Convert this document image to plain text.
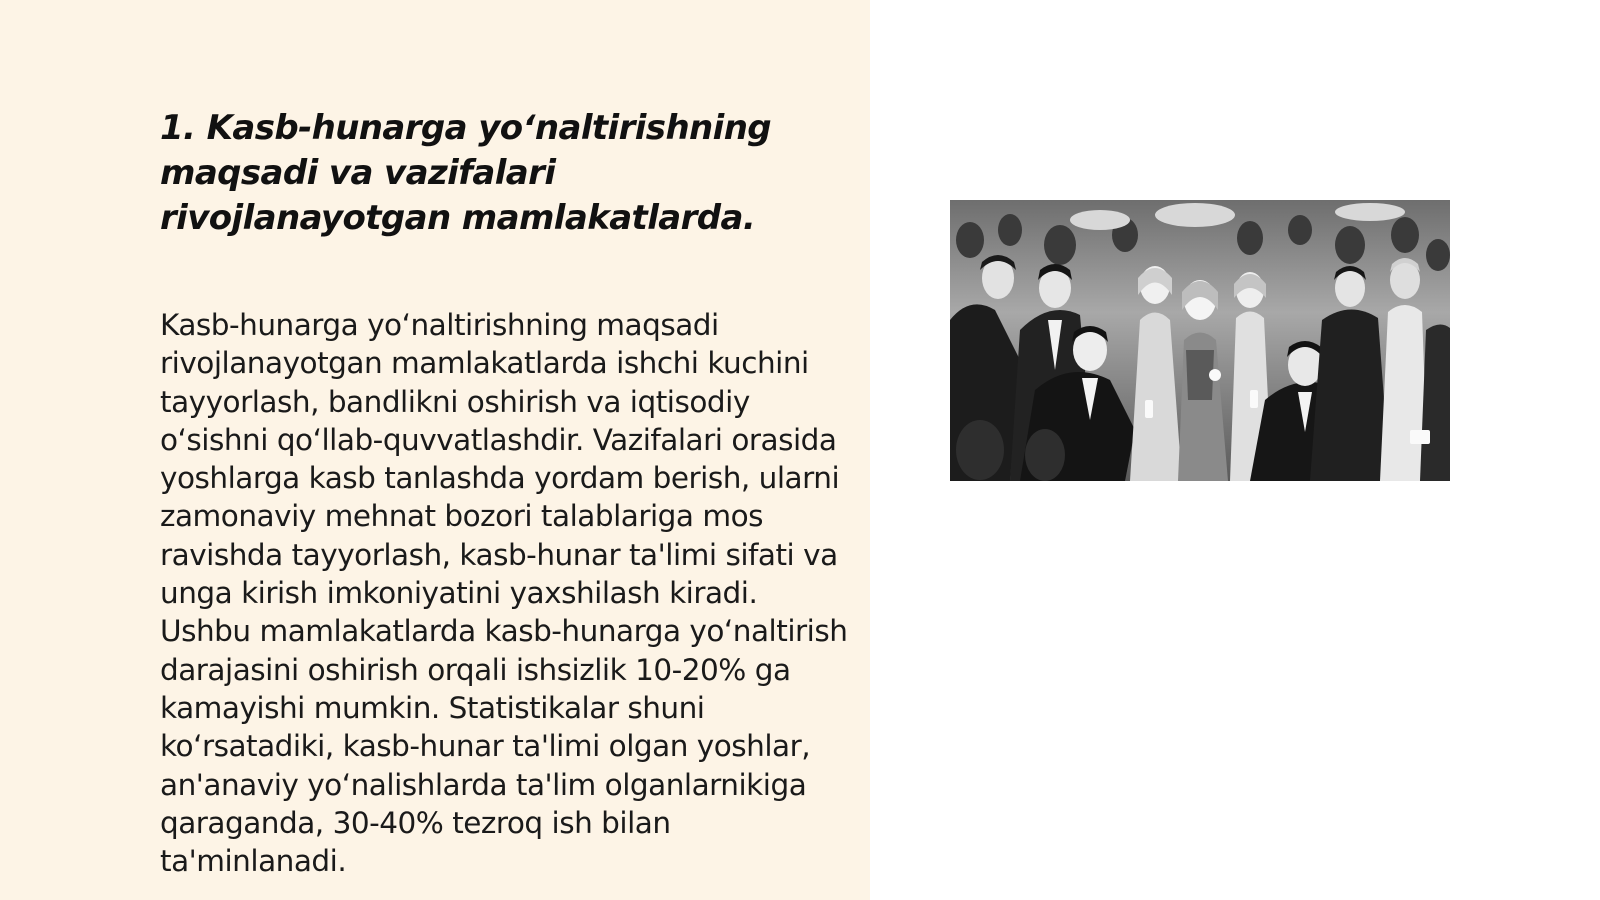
1. Kasb-hunarga yo‘naltirishning maqsadi va vazifalari rivojlanayotgan mamlakatlarda.

Kasb-hunarga yo‘naltirishning maqsadi rivojlanayotgan mamlakatlarda ishchi kuchini tayyorlash, bandlikni oshirish va iqtisodiy o‘sishni qo‘llab-quvvatlashdir. Vazifalari orasida yoshlarga kasb tanlashda yordam berish, ularni zamonaviy mehnat bozori talablariga mos ravishda tayyorlash, kasb-hunar ta'limi sifati va unga kirish imkoniyatini yaxshilash kiradi. Ushbu mamlakatlarda kasb-hunarga yo‘naltirish darajasini oshirish orqali ishsizlik 10-20% ga kamayishi mumkin. Statistikalar shuni ko‘rsatadiki, kasb-hunar ta'limi olgan yoshlar, an'anaviy yo‘nalishlarda ta'lim olganlarnikiga qaraganda, 30-40% tezroq ish bilan ta'minlanadi.
